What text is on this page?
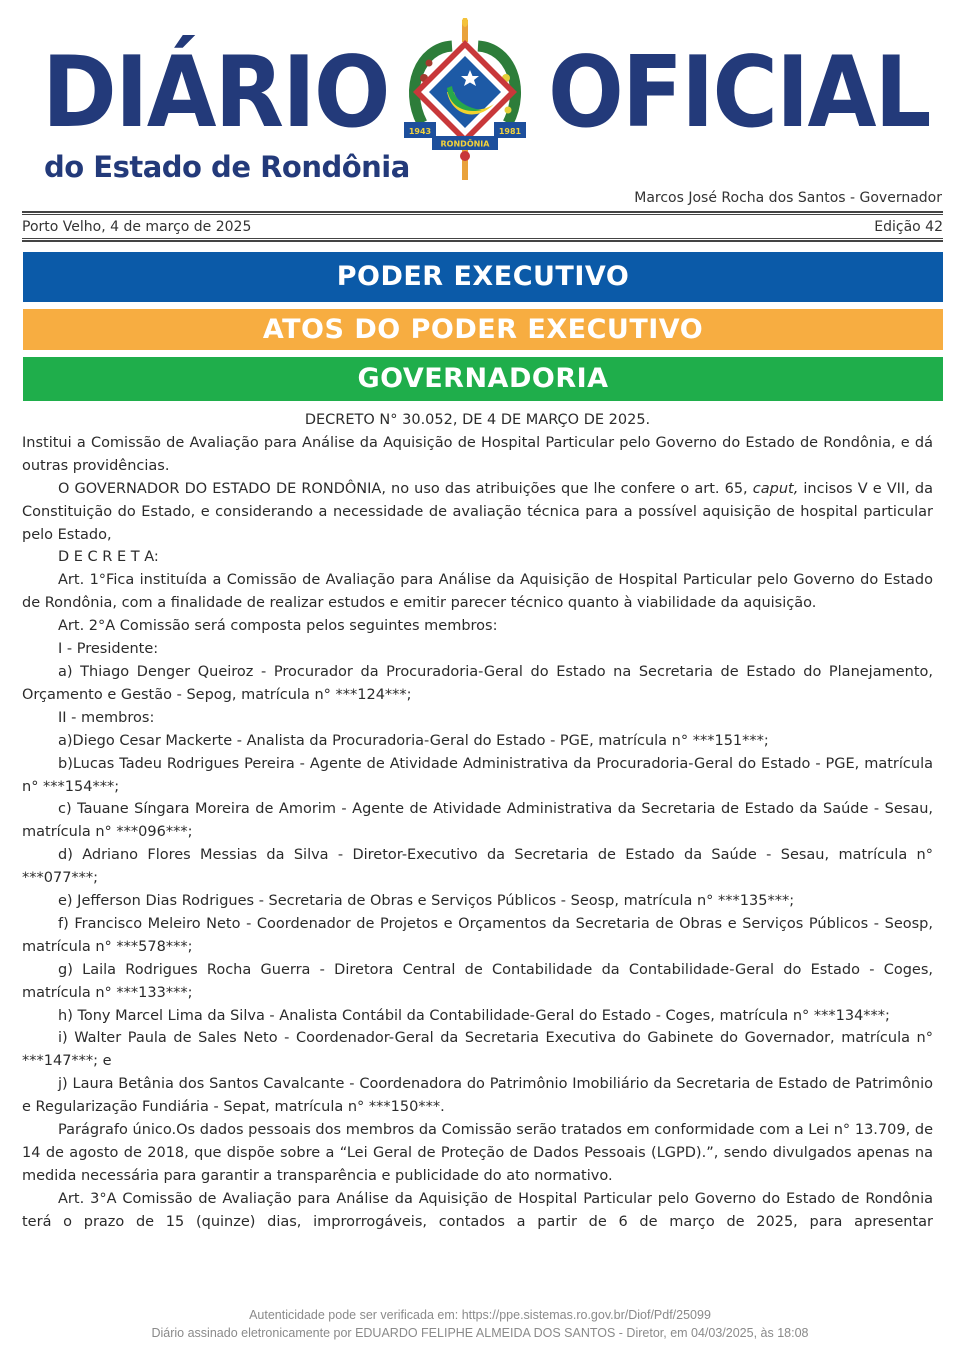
DIÁRIO	1943	1981
RONDÔNIA OFICIAL
do Estado de Rondônia
Marcos José Rocha dos Santos - Governador
Porto Velho, 4 de março de 2025	Edição 42
PODER EXECUTIVO
ATOS DO PODER EXECUTIVO
GOVERNADORIA

DECRETO N° 30.052, DE 4 DE MARÇO DE 2025.

Institui a Comissão de Avaliação para Análise da Aquisição de Hospital Particular pelo Governo do Estado de Rondônia, e dá outras providências.

O GOVERNADOR DO ESTADO DE RONDÔNIA, no uso das atribuições que lhe confere o art. 65, caput, incisos V e VII, da Constituição do Estado, e considerando a necessidade de avaliação técnica para a possível aquisição de hospital particular pelo Estado,

D E C R E T A:

Art. 1°Fica instituída a Comissão de Avaliação para Análise da Aquisição de Hospital Particular pelo Governo do Estado de Rondônia, com a finalidade de realizar estudos e emitir parecer técnico quanto à viabilidade da aquisição.

Art. 2°A Comissão será composta pelos seguintes membros:

I - Presidente:

a) Thiago Denger Queiroz - Procurador da Procuradoria-Geral do Estado na Secretaria de Estado do Planejamento, Orçamento e Gestão - Sepog, matrícula n° ***124***;

II - membros:

a)Diego Cesar Mackerte - Analista da Procuradoria-Geral do Estado - PGE, matrícula n° ***151***;

b)Lucas Tadeu Rodrigues Pereira - Agente de Atividade Administrativa da Procuradoria-Geral do Estado - PGE, matrícula n° ***154***;

c) Tauane Síngara Moreira de Amorim - Agente de Atividade Administrativa da Secretaria de Estado da Saúde - Sesau, matrícula n° ***096***;

d) Adriano Flores Messias da Silva - Diretor-Executivo da Secretaria de Estado da Saúde - Sesau, matrícula n° ***077***;

e) Jefferson Dias Rodrigues - Secretaria de Obras e Serviços Públicos - Seosp, matrícula n° ***135***;

f) Francisco Meleiro Neto - Coordenador de Projetos e Orçamentos da Secretaria de Obras e Serviços Públicos - Seosp, matrícula n° ***578***;

g) Laila Rodrigues Rocha Guerra - Diretora Central de Contabilidade da Contabilidade-Geral do Estado - Coges, matrícula n° ***133***;

h) Tony Marcel Lima da Silva - Analista Contábil da Contabilidade-Geral do Estado - Coges, matrícula n° ***134***;

i) Walter Paula de Sales Neto - Coordenador-Geral da Secretaria Executiva do Gabinete do Governador, matrícula n° ***147***; e

j) Laura Betânia dos Santos Cavalcante - Coordenadora do Patrimônio Imobiliário da Secretaria de Estado de Patrimônio e Regularização Fundiária - Sepat, matrícula n° ***150***.

Parágrafo único.Os dados pessoais dos membros da Comissão serão tratados em conformidade com a Lei n° 13.709, de 14 de agosto de 2018, que dispõe sobre a “Lei Geral de Proteção de Dados Pessoais (LGPD).”, sendo divulgados apenas na medida necessária para garantir a transparência e publicidade do ato normativo.

Art. 3°A Comissão de Avaliação para Análise da Aquisição de Hospital Particular pelo Governo do Estado de Rondônia terá o prazo de 15 (quinze) dias, improrrogáveis, contados a partir de 6 de março de 2025, para apresentar

Autenticidade pode ser verificada em: https://ppe.sistemas.ro.gov.br/Diof/Pdf/25099
Diário assinado eletronicamente por EDUARDO FELIPHE ALMEIDA DOS SANTOS - Diretor, em 04/03/2025, às 18:08
